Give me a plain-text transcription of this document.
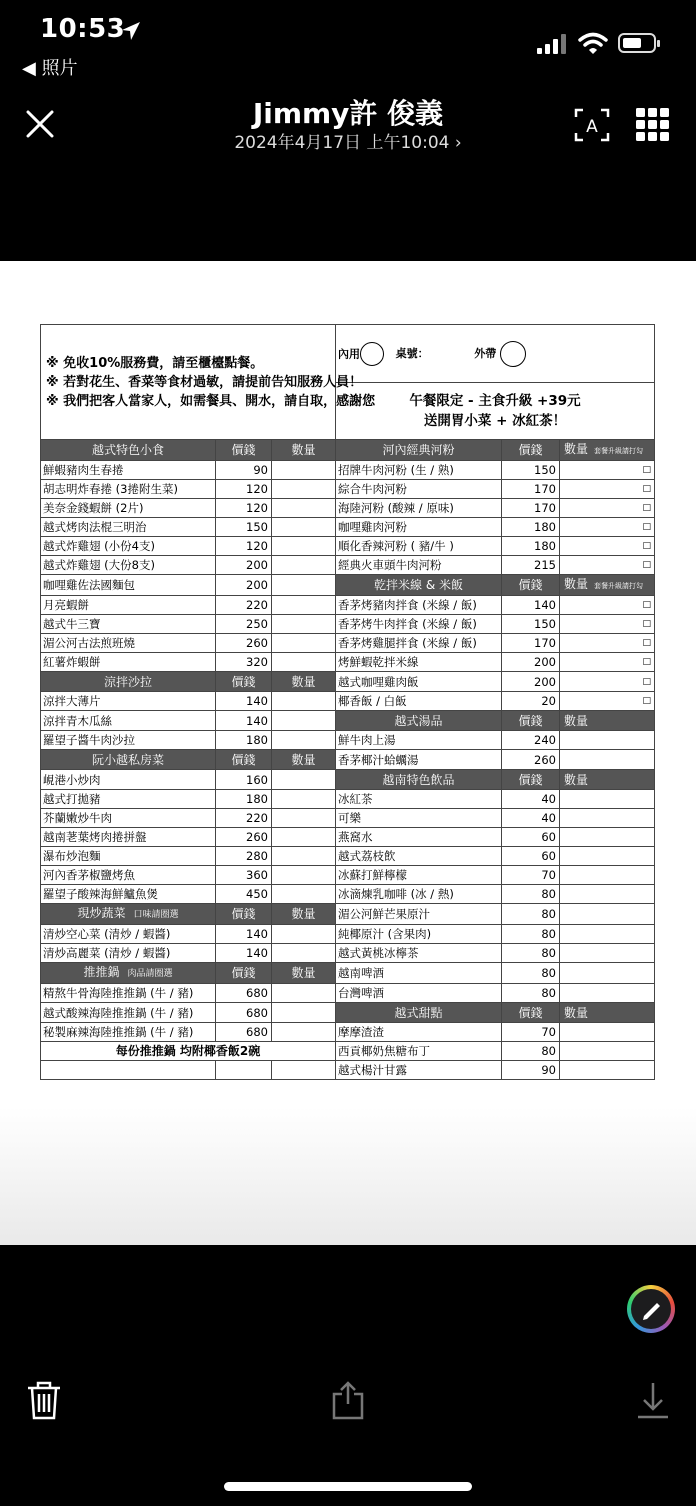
10:53
◀ 照片
Jimmy許 俊義
2024年4月17日 上午10:04 ›
A
※ 免收10%服務費，請至櫃檯點餐。
※ 若對花生、香菜等食材過敏，請提前告知服務人員！
※ 我們把客人當家人，如需餐具、開水，請自取，感謝您			內用 桌號： 外帶		

			午餐限定 - 主食升級 +39元
送開胃小菜 + 冰紅茶！		

越式特色小食	價錢	數量	河內經典河粉	價錢	數量 套餐升級請打勾
鮮蝦豬肉生春捲	90		招牌牛肉河粉 (生 / 熟)	150	□
胡志明炸春捲 (3捲附生菜)	120		綜合牛肉河粉	170	□
美奈金錢蝦餅 (2片)	120		海陸河粉 (酸辣 / 原味)	170	□
越式烤肉法棍三明治	150		咖哩雞肉河粉	180	□
越式炸雞翅 (小份4支)	120		順化香辣河粉 ( 豬/牛 )	180	□
越式炸雞翅 (大份8支)	200		經典火車頭牛肉河粉	215	□
咖哩雞佐法國麵包	200		乾拌米線 & 米飯	價錢	數量 套餐升級請打勾
月亮蝦餅	220		香茅烤豬肉拌食 (米線 / 飯)	140	□
越式牛三寶	250		香茅烤牛肉拌食 (米線 / 飯)	150	□
湄公河古法煎班燒	260		香茅烤雞腿拌食 (米線 / 飯)	170	□
紅薯炸蝦餅	320		烤鮮蝦乾拌米線	200	□
涼拌沙拉	價錢	數量	越式咖哩雞肉飯	200	□
涼拌大薄片	140		椰香飯 / 白飯	20	□
涼拌青木瓜絲	140		越式湯品	價錢	數量
羅望子醬牛肉沙拉	180		鮮牛肉上湯	240	
阮小越私房菜	價錢	數量	香茅椰汁蛤蠣湯	260	
峴港小炒肉	160		越南特色飲品	價錢	數量
越式打拋豬	180		冰紅茶	40	
芥蘭嫩炒牛肉	220		可樂	40	
越南荖葉烤肉捲拼盤	260		燕窩水	60	
瀑布炒泡麵	280		越式荔枝飲	60	
河內香茅椒鹽烤魚	360		冰蘇打鮮檸檬	70	
羅望子酸辣海鮮鱸魚煲	450		冰滴煉乳咖啡 (冰 / 熱)	80	
現炒蔬菜 口味請圈選	價錢	數量	湄公河鮮芒果原汁	80	
清炒空心菜 (清炒 / 蝦醬)	140		純椰原汁 (含果肉)	80	
清炒高麗菜 (清炒 / 蝦醬)	140		越式黃桃冰檸茶	80	
推推鍋 肉品請圈選	價錢	數量	越南啤酒	80	
精熬牛骨海陸推推鍋 (牛 / 豬)	680		台灣啤酒	80	
越式酸辣海陸推推鍋 (牛 / 豬)	680		越式甜點	價錢	數量
秘製麻辣海陸推推鍋 (牛 / 豬)	680		摩摩渣渣	70	
每份推推鍋 均附椰香飯2碗			西貢椰奶焦糖布丁	80	
			越式楊汁甘露	90	
